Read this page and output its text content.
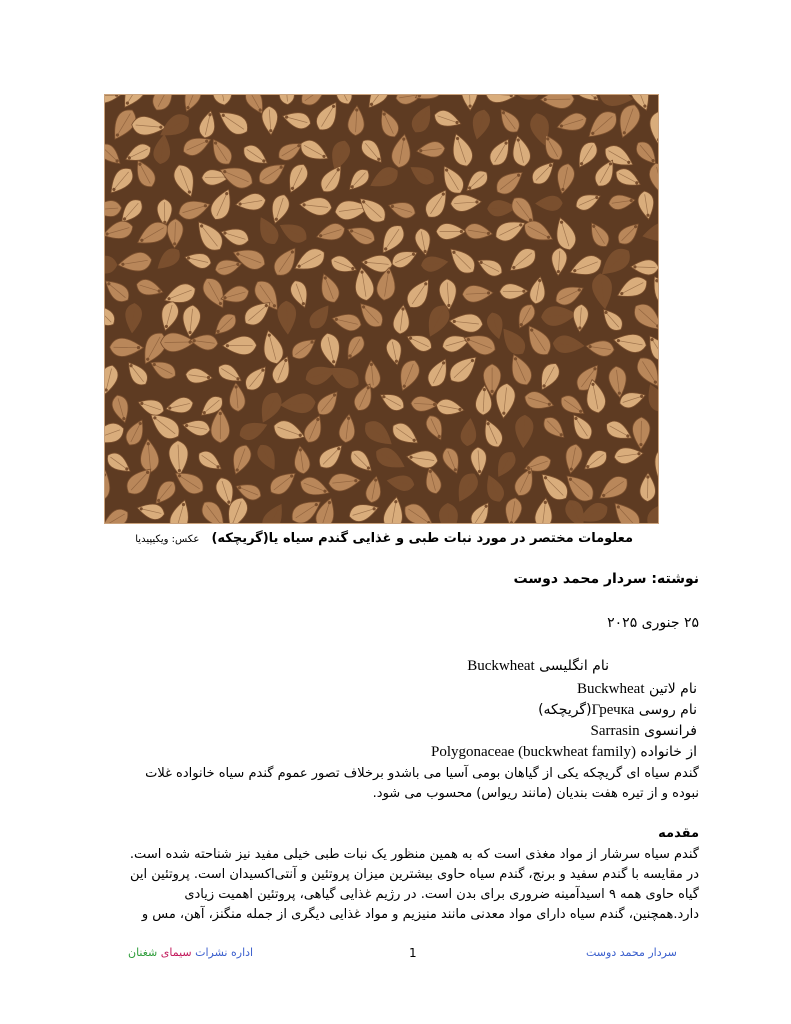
معلومات مختصر در مورد نبات طبی و غذایی گندم سیاه یا(گریچکه) عکس: ویکیپیدیا
نوشته: سردار محمد دوست
۲۵ جنوری ۲۰۲۵
نام انگلیسی Buckwheat
نام لاتین Buckwheat
نام روسی Гречка(گریچکه)
فرانسوی Sarrasin
از خانواده Polygonaceae (buckwheat family)
گندم سیاه ای گریچکه یکی از گیاهان بومی آسیا می باشدو برخلاف تصور عموم گندم سیاه خانواده غلات
نبوده و از تیره هفت بندیان (مانند ریواس) محسوب می شود.
مقدمه
گندم سیاه سرشار از مواد مغذی است که به همین منظور یک نبات طبی خیلی مفید نیز شناحته شده است.
در مقایسه با گندم سفید و برنج، گندم سیاه حاوی بیشترین میزان پروتئین و آنتی‌اکسیدان است. پروتئین این
گیاه حاوی همه ۹ اسیدآمینه ضروری برای بدن است. در رژیم غذایی گیاهی، پروتئین اهمیت زیادی
دارد.همچنین، گندم سیاه دارای مواد معدنی مانند منیزیم و مواد غذایی دیگری از جمله منگنز، آهن، مس و
سردار محمد دوست
1
اداره نشرات سیمای شغنان
